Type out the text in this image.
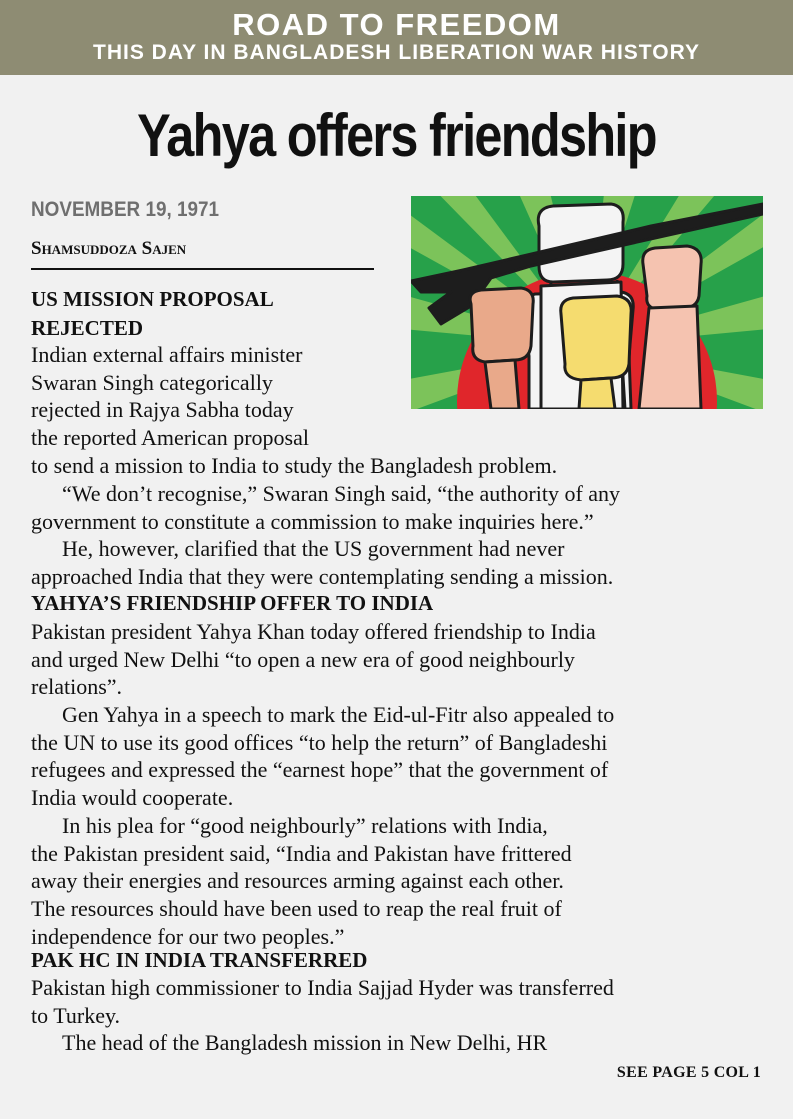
ROAD TO FREEDOM
THIS DAY IN BANGLADESH LIBERATION WAR HISTORY
Yahya offers friendship
NOVEMBER 19, 1971
Shamsuddoza Sajen
US MISSION PROPOSAL
REJECTED
Indian external affairs minister
Swaran Singh categorically
rejected in Rajya Sabha today
the reported American proposal
to send a mission to India to study the Bangladesh problem.
“We don’t recognise,” Swaran Singh said, “the authority of any
government to constitute a commission to make inquiries here.”
He, however, clarified that the US government had never
approached India that they were contemplating sending a mission.
YAHYA’S FRIENDSHIP OFFER TO INDIA
Pakistan president Yahya Khan today offered friendship to India
and urged New Delhi “to open a new era of good neighbourly
relations”.
Gen Yahya in a speech to mark the Eid-ul-Fitr also appealed to
the UN to use its good offices “to help the return” of Bangladeshi
refugees and expressed the “earnest hope” that the government of
India would cooperate.
In his plea for “good neighbourly” relations with India,
the Pakistan president said, “India and Pakistan have frittered
away their energies and resources arming against each other.
The resources should have been used to reap the real fruit of
independence for our two peoples.”
PAK HC IN INDIA TRANSFERRED
Pakistan high commissioner to India Sajjad Hyder was transferred
to Turkey.
The head of the Bangladesh mission in New Delhi, HR
SEE PAGE 5 COL 1
